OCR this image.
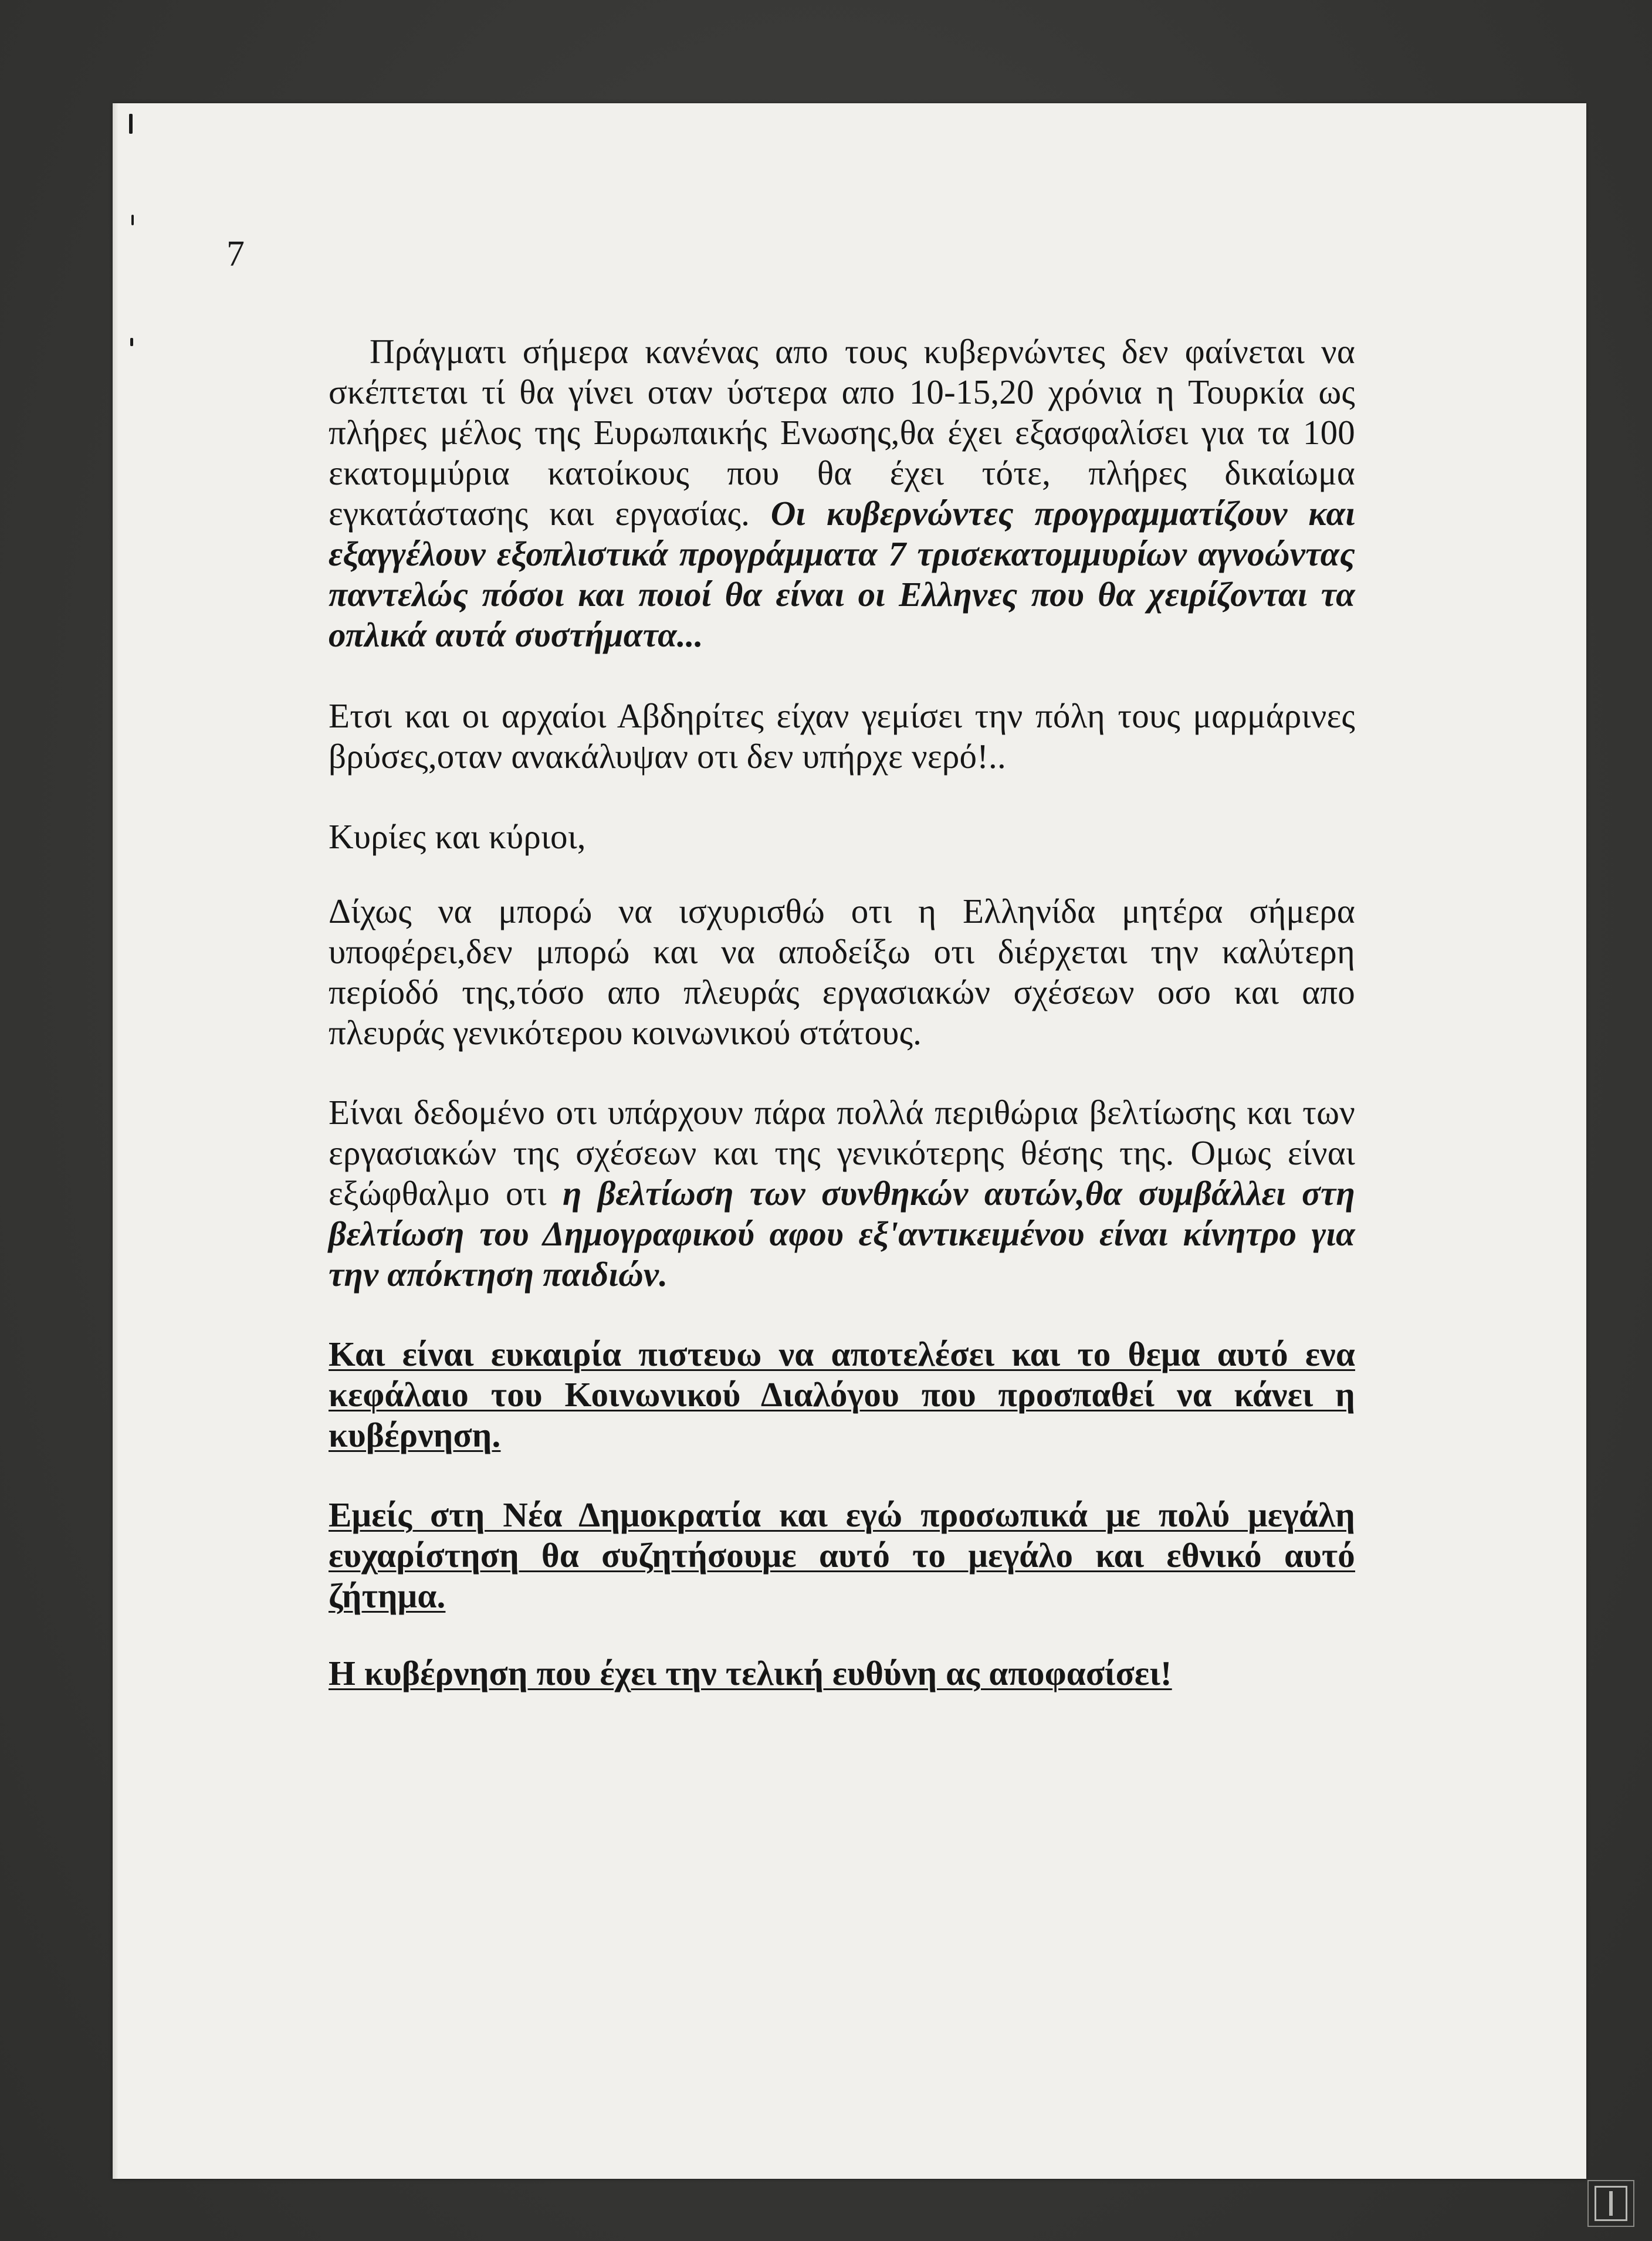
7

Πράγματι σήμερα κανένας απο τους κυβερνώντες δεν φαίνεται να σκέπτεται τί θα γίνει οταν ύστερα απο 10-15,20 χρόνια η Τουρκία ως πλήρες μέλος της Ευρωπαικής Ενωσης,θα έχει εξασφαλίσει για τα 100 εκατομμύρια κατοίκους που θα έχει τότε, πλήρες δικαίωμα εγκατάστασης και εργασίας. Οι κυβερνώντες προγραμματίζουν και εξαγγέλουν εξοπλιστικά προγράμματα 7 τρισεκατομμυρίων αγνοώντας παντελώς πόσοι και ποιοί θα είναι οι Ελληνες που θα χειρίζονται τα οπλικά αυτά συστήματα...

Ετσι και οι αρχαίοι Αβδηρίτες είχαν γεμίσει την πόλη τους μαρμάρινες βρύσες,οταν ανακάλυψαν οτι δεν υπήρχε νερό!..

Κυρίες και κύριοι,

Δίχως να μπορώ να ισχυρισθώ οτι η Ελληνίδα μητέρα σήμερα υποφέρει,δεν μπορώ και να αποδείξω οτι διέρχεται την καλύτερη περίοδό της,τόσο απο πλευράς εργασιακών σχέσεων οσο και απο πλευράς γενικότερου κοινωνικού στάτους.

Είναι δεδομένο οτι υπάρχουν πάρα πολλά περιθώρια βελτίωσης και των εργασιακών της σχέσεων και της γενικότερης θέσης της. Ομως είναι εξώφθαλμο οτι η βελτίωση των συνθηκών αυτών,θα συμβάλλει στη βελτίωση του Δημογραφικού αφου εξ'αντικειμένου είναι κίνητρο για την απόκτηση παιδιών.

Και είναι ευκαιρία πιστευω να αποτελέσει και το θεμα αυτό ενα κεφάλαιο του Κοινωνικού Διαλόγου που προσπαθεί να κάνει η κυβέρνηση.

Εμείς στη Νέα Δημοκρατία και εγώ προσωπικά με πολύ μεγάλη ευχαρίστηση θα συζητήσουμε αυτό το μεγάλο και εθνικό αυτό ζήτημα.

Η κυβέρνηση που έχει την τελική ευθύνη ας αποφασίσει!
